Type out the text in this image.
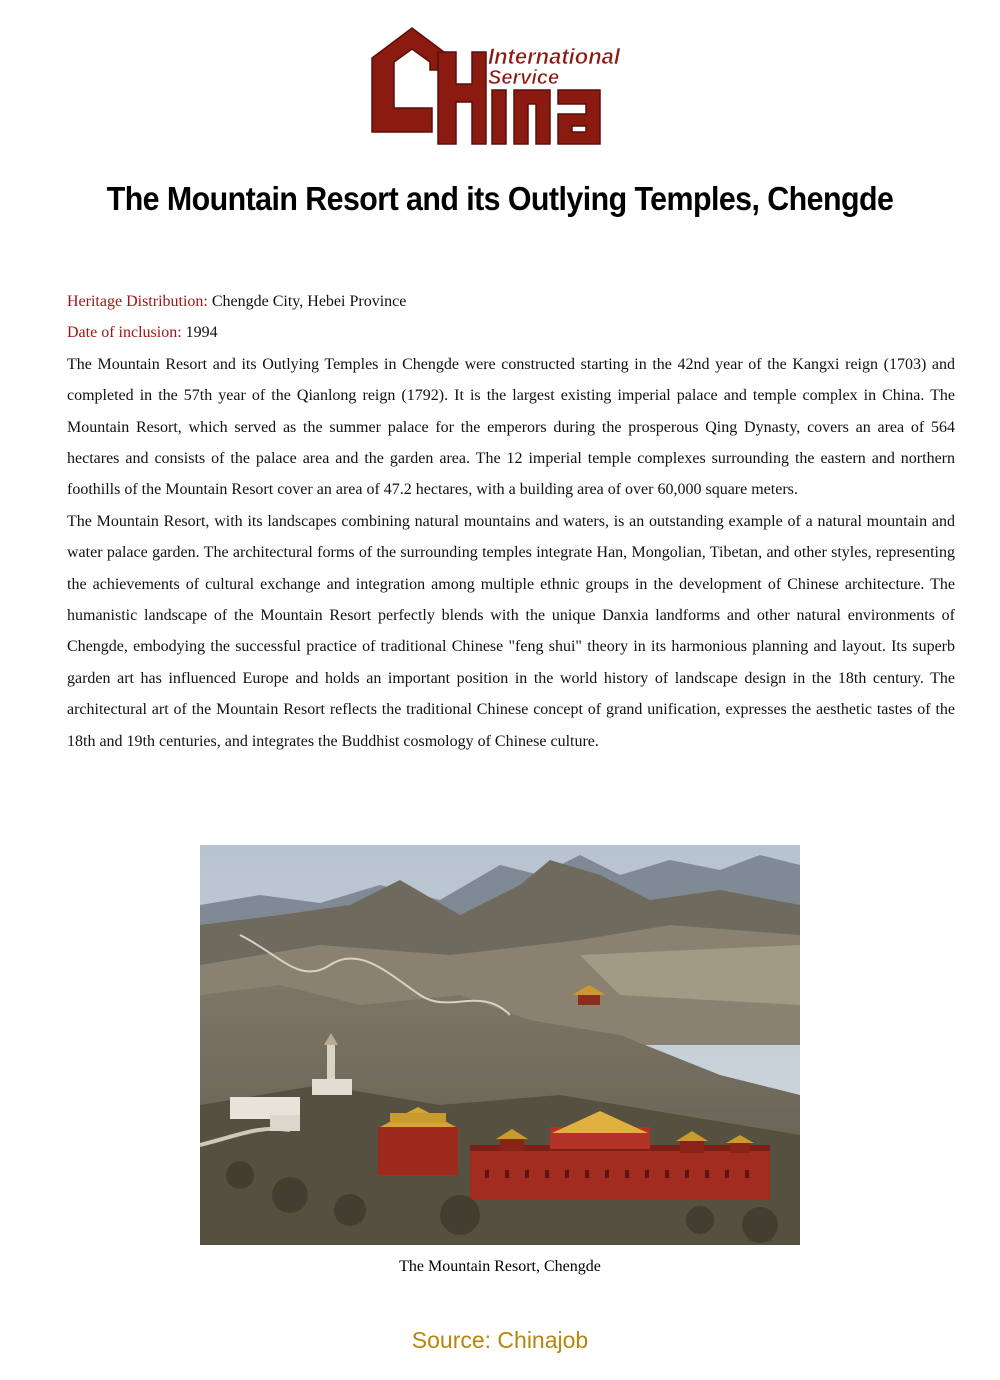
International
Service
China
The Mountain Resort and its Outlying Temples, Chengde

Heritage Distribution: Chengde City, Hebei Province

Date of inclusion: 1994

The Mountain Resort and its Outlying Temples in Chengde were constructed starting in the 42nd year of the Kangxi reign (1703) and completed in the 57th year of the Qianlong reign (1792). It is the largest existing imperial palace and temple complex in China. The Mountain Resort, which served as the summer palace for the emperors during the prosperous Qing Dynasty, covers an area of 564 hectares and consists of the palace area and the garden area. The 12 imperial temple complexes surrounding the eastern and northern foothills of the Mountain Resort cover an area of 47.2 hectares, with a building area of over 60,000 square meters.

The Mountain Resort, with its landscapes combining natural mountains and waters, is an outstanding example of a natural mountain and water palace garden. The architectural forms of the surrounding temples integrate Han, Mongolian, Tibetan, and other styles, representing the achievements of cultural exchange and integration among multiple ethnic groups in the development of Chinese architecture. The humanistic landscape of the Mountain Resort perfectly blends with the unique Danxia landforms and other natural environments of Chengde, embodying the successful practice of traditional Chinese "feng shui" theory in its harmonious planning and layout. Its superb garden art has influenced Europe and holds an important position in the world history of landscape design in the 18th century. The architectural art of the Mountain Resort reflects the traditional Chinese concept of grand unification, expresses the aesthetic tastes of the 18th and 19th centuries, and integrates the Buddhist cosmology of Chinese culture.

The Mountain Resort, Chengde
Source: Chinajob
